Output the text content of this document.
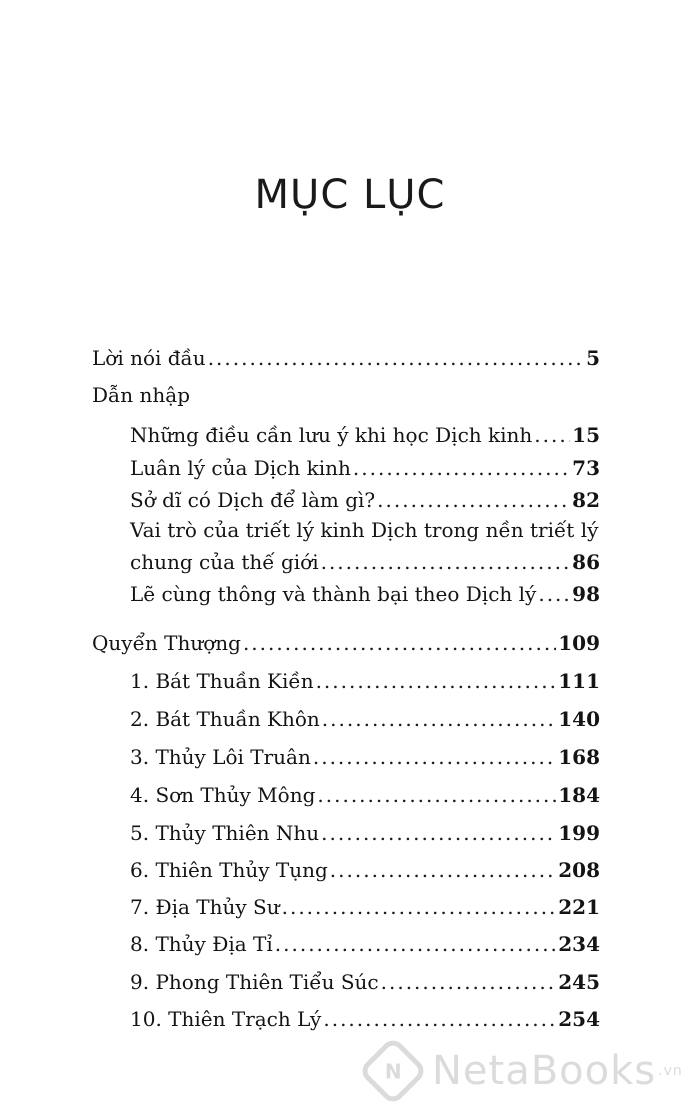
MỤC LỤC
Lời nói đầu .....	5
Dẫn nhập
Những điều cần lưu ý khi học Dịch kinh ..... 15
Luân lý của Dịch kinh .....	73
Sở dĩ có Dịch để làm gì? .....	82
Vai trò của triết lý kinh Dịch trong nền triết lý
chung của thế giới .....	86
Lẽ cùng thông và thành bại theo Dịch lý ..... 98
Quyển Thượng .....	109
1. Bát Thuần Kiền .....	111
2. Bát Thuần Khôn .....	140
3. Thủy Lôi Truân .....	168
4. Sơn Thủy Mông .....	184
5. Thủy Thiên Nhu .....	199
6. Thiên Thủy Tụng .....	208
7. Địa Thủy Sư .....	221
8. Thủy Địa Tỉ .....	234
9. Phong Thiên Tiểu Súc .....	245
10. Thiên Trạch Lý .....	254
N NetaBooks .vn
